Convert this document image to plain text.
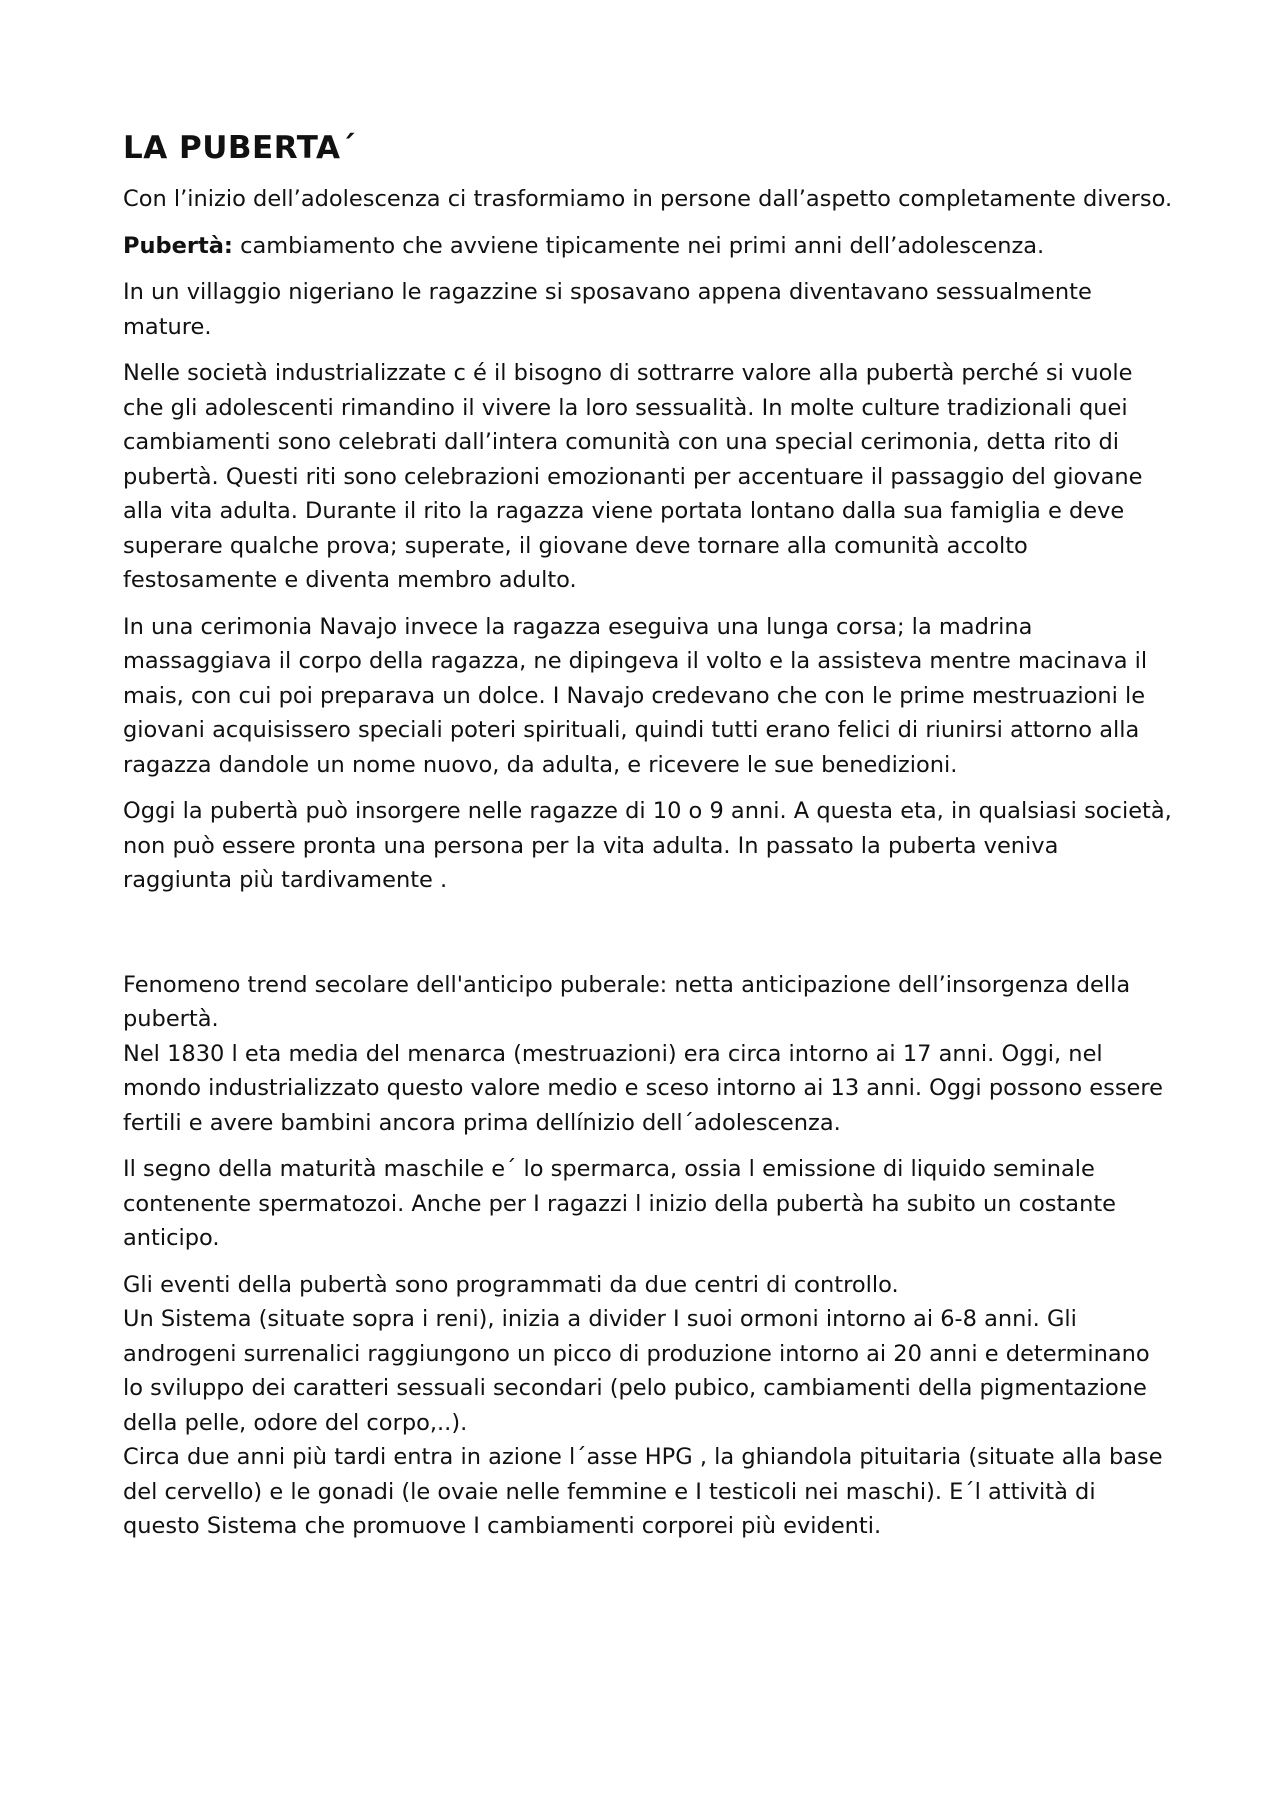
LA PUBERTA´

Con l’inizio dell’adolescenza ci trasformiamo in persone dall’aspetto completamente diverso.

Pubertà: cambiamento che avviene tipicamente nei primi anni dell’adolescenza.

In un villaggio nigeriano le ragazzine si sposavano appena diventavano sessualmente mature.

Nelle società industrializzate c é il bisogno di sottrarre valore alla pubertà perché si vuole che gli adolescenti rimandino il vivere la loro sessualità. In molte culture tradizionali quei cambiamenti sono celebrati dall’intera comunità con una special cerimonia, detta rito di pubertà. Questi riti sono celebrazioni emozionanti per accentuare il passaggio del giovane alla vita adulta. Durante il rito la ragazza viene portata lontano dalla sua famiglia e deve superare qualche prova; superate, il giovane deve tornare alla comunità accolto festosamente e diventa membro adulto.

In una cerimonia Navajo invece la ragazza eseguiva una lunga corsa; la madrina massaggiava il corpo della ragazza, ne dipingeva il volto e la assisteva mentre macinava il mais, con cui poi preparava un dolce. I Navajo credevano che con le prime mestruazioni le giovani acquisissero speciali poteri spirituali, quindi tutti erano felici di riunirsi attorno alla ragazza dandole un nome nuovo, da adulta, e ricevere le sue benedizioni.

Oggi la pubertà può insorgere nelle ragazze di 10 o 9 anni. A questa eta, in qualsiasi società, non può essere pronta una persona per la vita adulta. In passato la puberta veniva raggiunta più tardivamente .

Fenomeno trend secolare dell'anticipo puberale: netta anticipazione dell’insorgenza della pubertà.

Nel 1830 l eta media del menarca (mestruazioni) era circa intorno ai 17 anni. Oggi, nel mondo industrializzato questo valore medio e sceso intorno ai 13 anni. Oggi possono essere fertili e avere bambini ancora prima dellínizio dell´adolescenza.

Il segno della maturità maschile e´ lo spermarca, ossia l emissione di liquido seminale contenente spermatozoi. Anche per I ragazzi l inizio della pubertà ha subito un costante anticipo.

Gli eventi della pubertà sono programmati da due centri di controllo.

Un Sistema (situate sopra i reni), inizia a divider I suoi ormoni intorno ai 6-8 anni. Gli androgeni surrenalici raggiungono un picco di produzione intorno ai 20 anni e determinano lo sviluppo dei caratteri sessuali secondari (pelo pubico, cambiamenti della pigmentazione della pelle, odore del corpo,..).

Circa due anni più tardi entra in azione l´asse HPG , la ghiandola pituitaria (situate alla base del cervello) e le gonadi (le ovaie nelle femmine e I testicoli nei maschi). E´l attività di questo Sistema che promuove I cambiamenti corporei più evidenti.
